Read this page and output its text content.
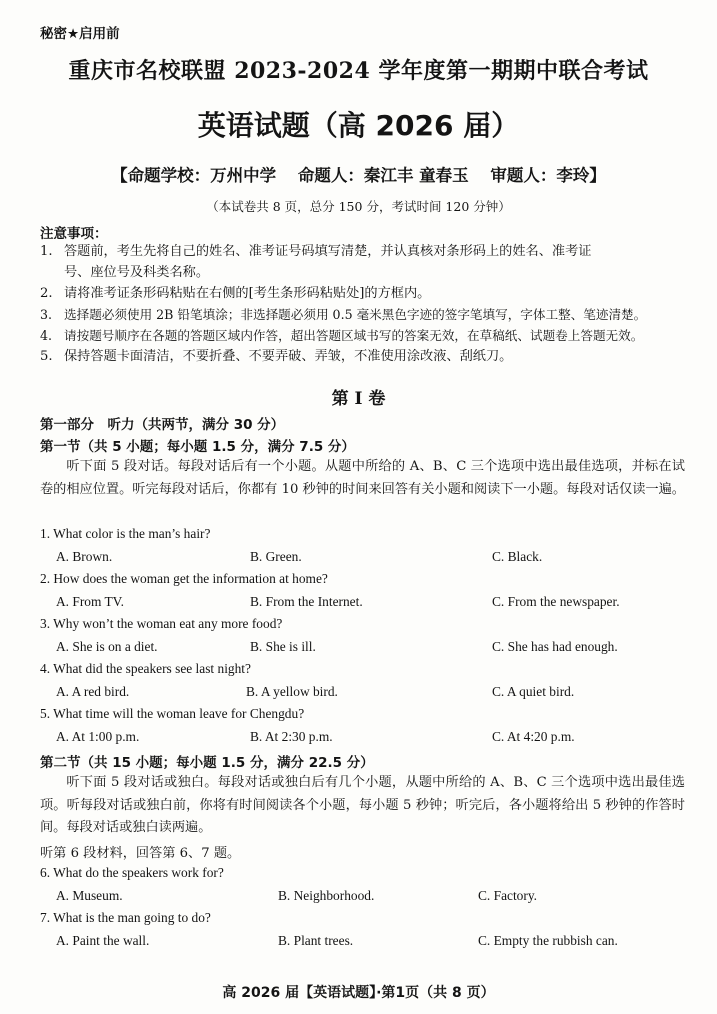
秘密★启用前
重庆市名校联盟 2023-2024 学年度第一期期中联合考试
英语试题（高 2026 届）
【命题学校：万州中学 命题人：秦江丰 童春玉 审题人：李玲】
（本试卷共 8 页，总分 150 分，考试时间 120 分钟）
注意事项：
1. 答题前，考生先将自己的姓名、准考证号码填写清楚，并认真核对条形码上的姓名、准考证
号、座位号及科类名称。
2. 请将准考证条形码粘贴在右侧的[考生条形码粘贴处]的方框内。
3. 选择题必须使用 2B 铅笔填涂；非选择题必须用 0.5 毫米黑色字迹的签字笔填写，字体工整、笔迹清楚。
4. 请按题号顺序在各题的答题区域内作答，超出答题区域书写的答案无效，在草稿纸、试题卷上答题无效。
5. 保持答题卡面清洁，不要折叠、不要弄破、弄皱，不准使用涂改液、刮纸刀。
第 I 卷
第一部分　听力（共两节，满分 30 分）
第一节（共 5 小题；每小题 1.5 分，满分 7.5 分）
听下面 5 段对话。每段对话后有一个小题。从题中所给的 A、B、C 三个选项中选出最佳选项，并标在试卷的相应位置。听完每段对话后，你都有 10 秒钟的时间来回答有关小题和阅读下一小题。每段对话仅读一遍。
1. What color is the man’s hair?
A. Brown.	B. Green.	C. Black.
2. How does the woman get the information at home?
A. From TV.	B. From the Internet.	C. From the newspaper.
3. Why won’t the woman eat any more food?
A. She is on a diet.	B. She is ill.	C. She has had enough.
4. What did the speakers see last night?
A. A red bird.	B. A yellow bird.	C. A quiet bird.
5. What time will the woman leave for Chengdu?
A. At 1:00 p.m.	B. At 2:30 p.m.	C. At 4:20 p.m.
第二节（共 15 小题；每小题 1.5 分，满分 22.5 分）
听下面 5 段对话或独白。每段对话或独白后有几个小题，从题中所给的 A、B、C 三个选项中选出最佳选项。听每段对话或独白前，你将有时间阅读各个小题，每小题 5 秒钟；听完后，各小题将给出 5 秒钟的作答时间。每段对话或独白读两遍。
听第 6 段材料，回答第 6、7 题。
6. What do the speakers work for?
A. Museum.	B. Neighborhood.	C. Factory.
7. What is the man going to do?
A. Paint the wall.	B. Plant trees.	C. Empty the rubbish can.
高 2026 届【英语试题】·第1页（共 8 页）
